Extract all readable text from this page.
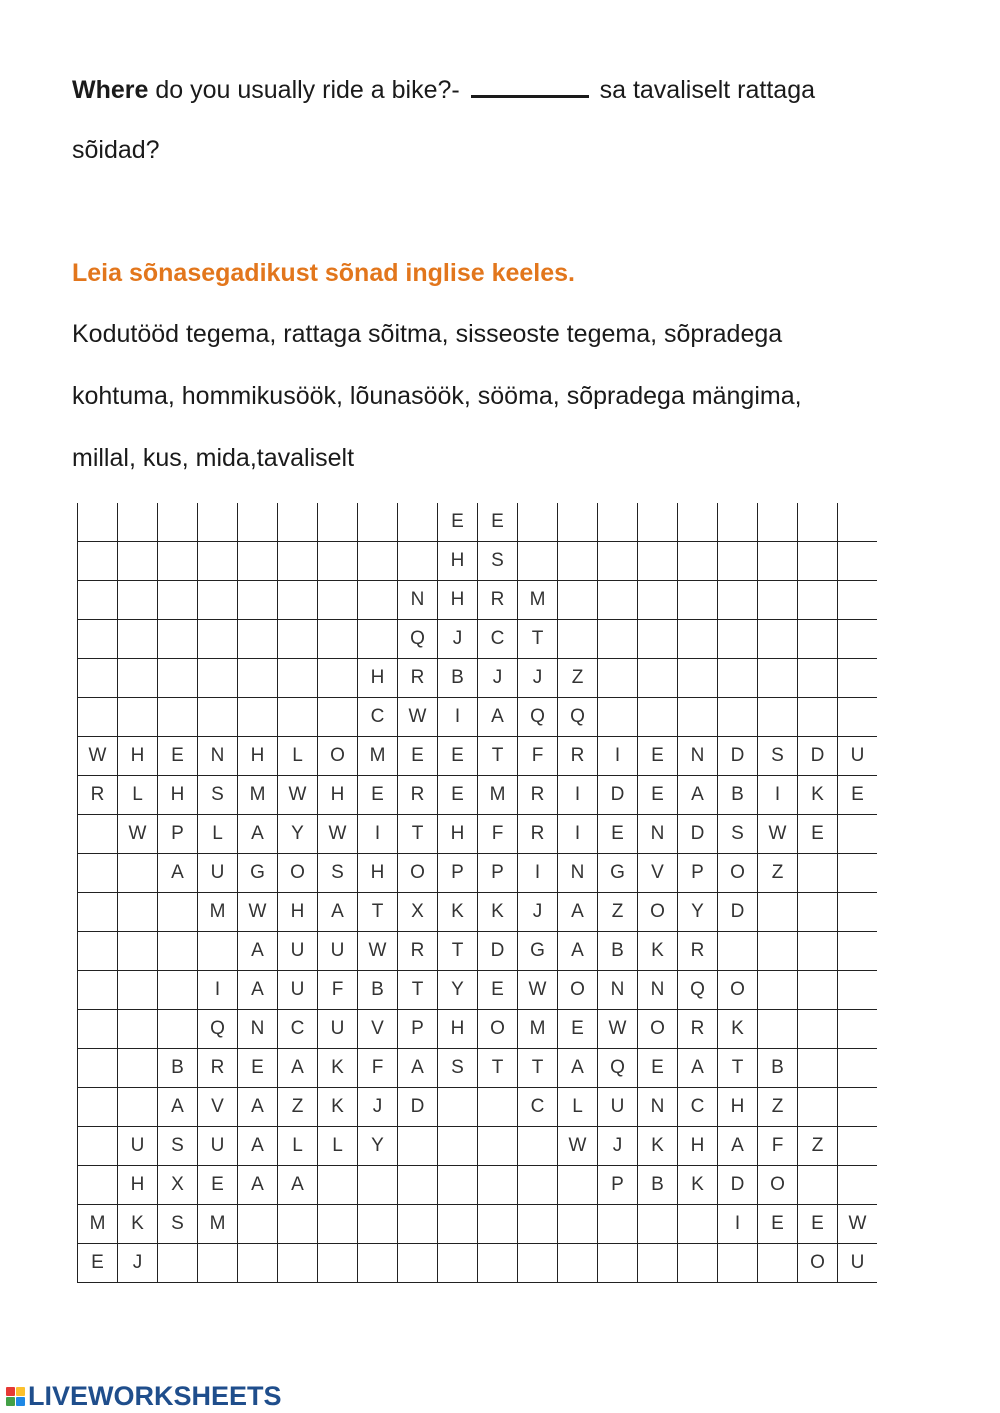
Where do you usually ride a bike?-	sa tavaliselt rattaga
sõidad?
Leia sõnasegadikust sõnad inglise keeles.
Kodutööd tegema, rattaga sõitma, sisseoste tegema, sõpradega
kohtuma, hommikusöök, lõunasöök, sööma, sõpradega mängima,
millal, kus, mida,tavaliselt
									E	E									
									H	S									
								N	H	R	M								
								Q	J	C	T								
							H	R	B	J	J	Z							
							C	W	I	A	Q	Q							
W	H	E	N	H	L	O	M	E	E	T	F	R	I	E	N	D	S	D	U
R	L	H	S	M	W	H	E	R	E	M	R	I	D	E	A	B	I	K	E
	W	P	L	A	Y	W	I	T	H	F	R	I	E	N	D	S	W	E	
		A	U	G	O	S	H	O	P	P	I	N	G	V	P	O	Z		
			M	W	H	A	T	X	K	K	J	A	Z	O	Y	D			
				A	U	U	W	R	T	D	G	A	B	K	R				
			I	A	U	F	B	T	Y	E	W	O	N	N	Q	O			
			Q	N	C	U	V	P	H	O	M	E	W	O	R	K			
		B	R	E	A	K	F	A	S	T	T	A	Q	E	A	T	B		
		A	V	A	Z	K	J	D			C	L	U	N	C	H	Z		
	U	S	U	A	L	L	Y					W	J	K	H	A	F	Z	
	H	X	E	A	A								P	B	K	D	O		
M	K	S	M													I	E	E	W
E	J																	O	U
LIVEWORKSHEETS
